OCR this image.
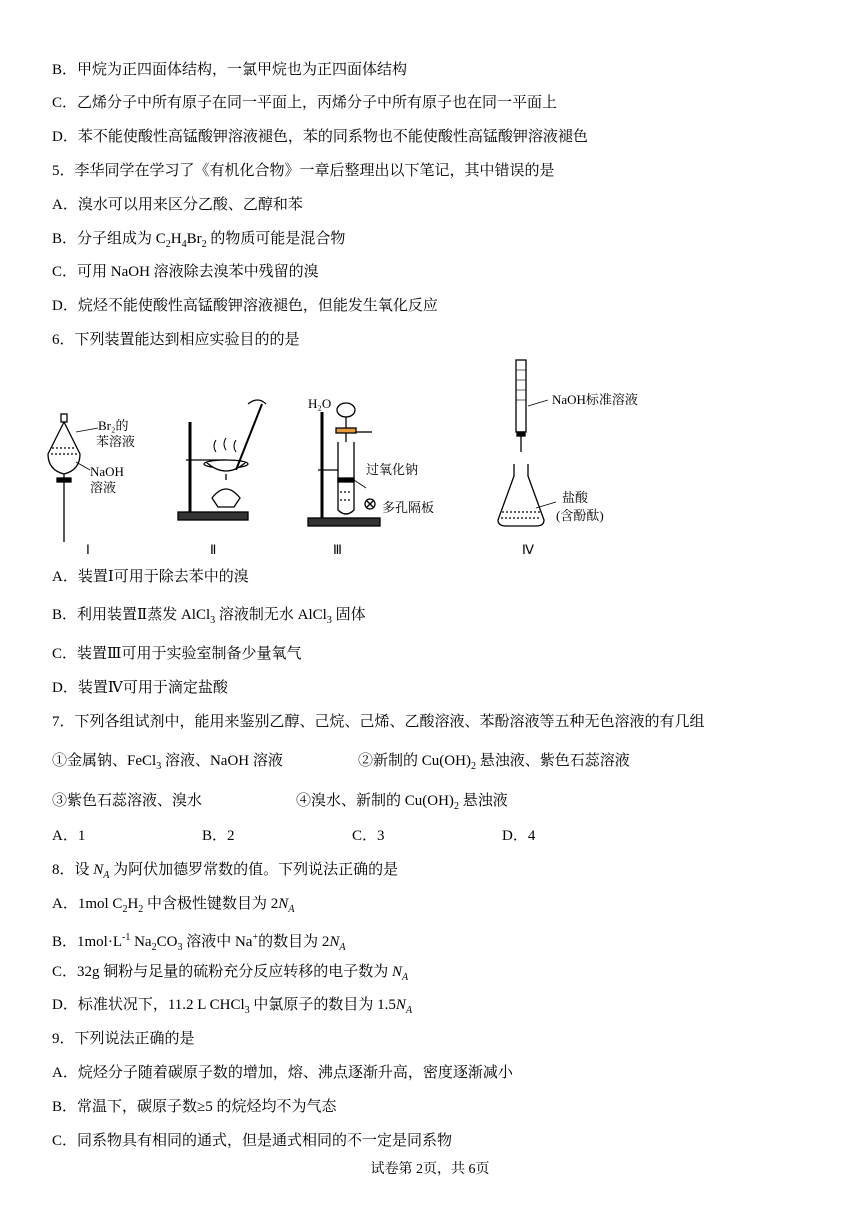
B．甲烷为正四面体结构，一氯甲烷也为正四面体结构
C．乙烯分子中所有原子在同一平面上，丙烯分子中所有原子也在同一平面上
D．苯不能使酸性高锰酸钾溶液褪色，苯的同系物也不能使酸性高锰酸钾溶液褪色
5．李华同学在学习了《有机化合物》一章后整理出以下笔记，其中错误的是
A．溴水可以用来区分乙酸、乙醇和苯
B．分子组成为 $C_2H_4Br_2$ 的物质可能是混合物
C．可用 NaOH 溶液除去溴苯中残留的溴
D．烷烃不能使酸性高锰酸钾溶液褪色，但能发生氧化反应
6．下列装置能达到相应实验目的的是
Br₂的
苯溶液
NaOH
溶液
H₂O
过氧化钠
多孔隔板
NaOH标准溶液
盐酸
(含酚酞)
Ⅰ	Ⅱ	Ⅲ	Ⅳ
A．装置Ⅰ可用于除去苯中的溴
B．利用装置Ⅱ蒸发 AlCl$_3$ 溶液制无水 AlCl$_3$ 固体
C．装置Ⅲ可用于实验室制备少量氧气
D．装置Ⅳ可用于滴定盐酸
7．下列各组试剂中，能用来鉴别乙醇、己烷、己烯、乙酸溶液、苯酚溶液等五种无色溶液的有几组
①金属钠、FeCl$_3$ 溶液、NaOH 溶液	②新制的 $Cu(OH)_2$ 悬浊液、紫色石蕊溶液
③紫色石蕊溶液、溴水	④溴水、新制的 $Cu(OH)_2$ 悬浊液
A．1	B．2	C．3	D．4
8．设 $N_A$ 为阿伏加德罗常数的值。下列说法正确的是
A．1mol $C_2H_2$ 中含极性键数目为 $2N_A$
B．$1mol\cdot L^{-1}$ $Na_2CO_3$ 溶液中 Na+的数目为 $2N_A$
C．32g 铜粉与足量的硫粉充分反应转移的电子数为 $N_A$
D．标准状况下，11.2 L CHCl$_3$ 中氯原子的数目为 $1.5N_A$
9．下列说法正确的是
A．烷烃分子随着碳原子数的增加，熔、沸点逐渐升高，密度逐渐减小
B．常温下，碳原子数≥5 的烷烃均不为气态
C．同系物具有相同的通式，但是通式相同的不一定是同系物
试卷第 2页，共 6页
